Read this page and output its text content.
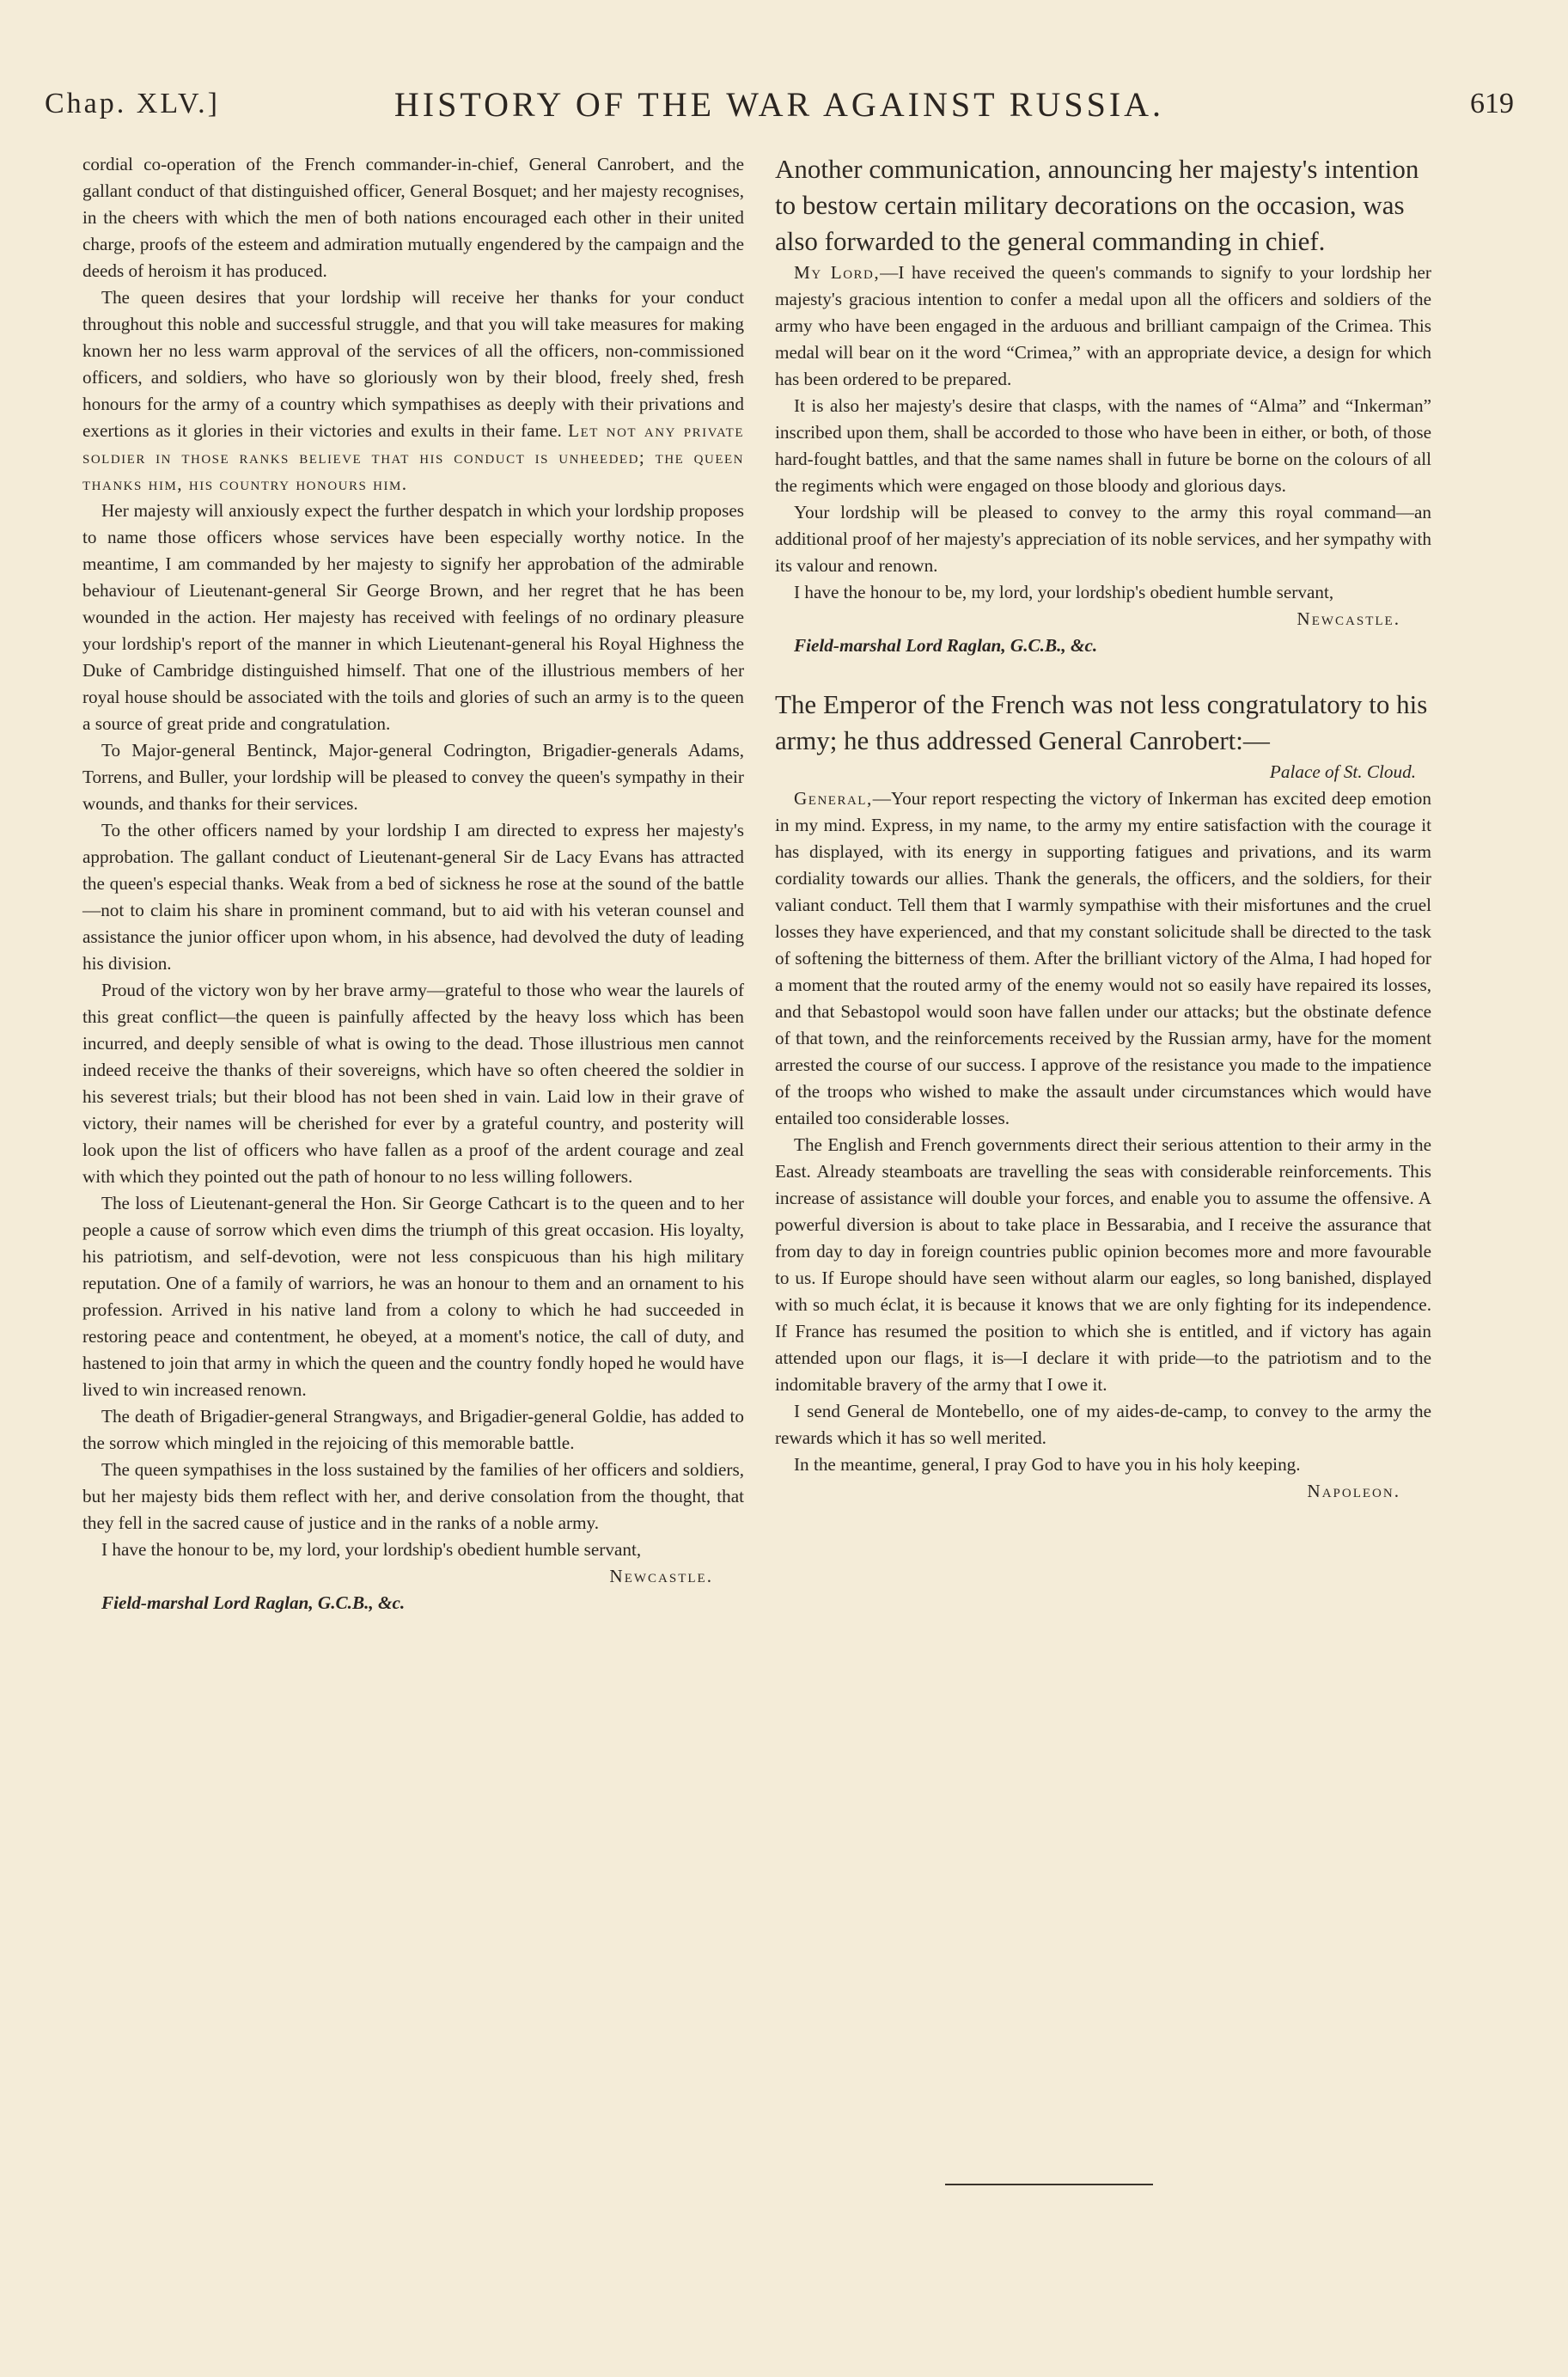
Chap. XLV.]	HISTORY OF THE WAR AGAINST RUSSIA.	619

cordial co-operation of the French commander-in-chief, General Canrobert, and the gallant conduct of that distinguished officer, General Bosquet; and her majesty recognises, in the cheers with which the men of both nations encouraged each other in their united charge, proofs of the esteem and admiration mutually engendered by the campaign and the deeds of heroism it has produced.

The queen desires that your lordship will receive her thanks for your conduct throughout this noble and successful struggle, and that you will take measures for making known her no less warm approval of the services of all the officers, non-commissioned officers, and soldiers, who have so gloriously won by their blood, freely shed, fresh honours for the army of a country which sympathises as deeply with their privations and exertions as it glories in their victories and exults in their fame. Let not any private soldier in those ranks believe that his conduct is unheeded; the queen thanks him, his country honours him.

Her majesty will anxiously expect the further despatch in which your lordship proposes to name those officers whose services have been especially worthy notice. In the meantime, I am commanded by her majesty to signify her approbation of the admirable behaviour of Lieutenant-general Sir George Brown, and her regret that he has been wounded in the action. Her majesty has received with feelings of no ordinary pleasure your lordship's report of the manner in which Lieutenant-general his Royal Highness the Duke of Cambridge distinguished himself. That one of the illustrious members of her royal house should be associated with the toils and glories of such an army is to the queen a source of great pride and congratulation.

To Major-general Bentinck, Major-general Codrington, Brigadier-generals Adams, Torrens, and Buller, your lordship will be pleased to convey the queen's sympathy in their wounds, and thanks for their services.

To the other officers named by your lordship I am directed to express her majesty's approbation. The gallant conduct of Lieutenant-general Sir de Lacy Evans has attracted the queen's especial thanks. Weak from a bed of sickness he rose at the sound of the battle—not to claim his share in prominent command, but to aid with his veteran counsel and assistance the junior officer upon whom, in his absence, had devolved the duty of leading his division.

Proud of the victory won by her brave army—grateful to those who wear the laurels of this great conflict—the queen is painfully affected by the heavy loss which has been incurred, and deeply sensible of what is owing to the dead. Those illustrious men cannot indeed receive the thanks of their sovereigns, which have so often cheered the soldier in his severest trials; but their blood has not been shed in vain. Laid low in their grave of victory, their names will be cherished for ever by a grateful country, and posterity will look upon the list of officers who have fallen as a proof of the ardent courage and zeal with which they pointed out the path of honour to no less willing followers.

The loss of Lieutenant-general the Hon. Sir George Cathcart is to the queen and to her people a cause of sorrow which even dims the triumph of this great occasion. His loyalty, his patriotism, and self-devotion, were not less conspicuous than his high military reputation. One of a family of warriors, he was an honour to them and an ornament to his profession. Arrived in his native land from a colony to which he had succeeded in restoring peace and contentment, he obeyed, at a moment's notice, the call of duty, and hastened to join that army in which the queen and the country fondly hoped he would have lived to win increased renown.

The death of Brigadier-general Strangways, and Brigadier-general Goldie, has added to the sorrow which mingled in the rejoicing of this memorable battle.

The queen sympathises in the loss sustained by the families of her officers and soldiers, but her majesty bids them reflect with her, and derive consolation from the thought, that they fell in the sacred cause of justice and in the ranks of a noble army.

I have the honour to be, my lord, your lordship's obedient humble servant,

Newcastle.

Field-marshal Lord Raglan, G.C.B., &c.

Another communication, announcing her majesty's intention to bestow certain military decorations on the occasion, was also forwarded to the general commanding in chief.

My Lord,—I have received the queen's commands to signify to your lordship her majesty's gracious intention to confer a medal upon all the officers and soldiers of the army who have been engaged in the arduous and brilliant campaign of the Crimea. This medal will bear on it the word “Crimea,” with an appropriate device, a design for which has been ordered to be prepared.

It is also her majesty's desire that clasps, with the names of “Alma” and “Inkerman” inscribed upon them, shall be accorded to those who have been in either, or both, of those hard-fought battles, and that the same names shall in future be borne on the colours of all the regiments which were engaged on those bloody and glorious days.

Your lordship will be pleased to convey to the army this royal command—an additional proof of her majesty's appreciation of its noble services, and her sympathy with its valour and renown.

I have the honour to be, my lord, your lordship's obedient humble servant,

Newcastle.

Field-marshal Lord Raglan, G.C.B., &c.

The Emperor of the French was not less congratulatory to his army; he thus addressed General Canrobert:—

Palace of St. Cloud.

General,—Your report respecting the victory of Inkerman has excited deep emotion in my mind. Express, in my name, to the army my entire satisfaction with the courage it has displayed, with its energy in supporting fatigues and privations, and its warm cordiality towards our allies. Thank the generals, the officers, and the soldiers, for their valiant conduct. Tell them that I warmly sympathise with their misfortunes and the cruel losses they have experienced, and that my constant solicitude shall be directed to the task of softening the bitterness of them. After the brilliant victory of the Alma, I had hoped for a moment that the routed army of the enemy would not so easily have repaired its losses, and that Sebastopol would soon have fallen under our attacks; but the obstinate defence of that town, and the reinforcements received by the Russian army, have for the moment arrested the course of our success. I approve of the resistance you made to the impatience of the troops who wished to make the assault under circumstances which would have entailed too considerable losses.

The English and French governments direct their serious attention to their army in the East. Already steamboats are travelling the seas with considerable reinforcements. This increase of assistance will double your forces, and enable you to assume the offensive. A powerful diversion is about to take place in Bessarabia, and I receive the assurance that from day to day in foreign countries public opinion becomes more and more favourable to us. If Europe should have seen without alarm our eagles, so long banished, displayed with so much éclat, it is because it knows that we are only fighting for its independence. If France has resumed the position to which she is entitled, and if victory has again attended upon our flags, it is—I declare it with pride—to the patriotism and to the indomitable bravery of the army that I owe it.

I send General de Montebello, one of my aides-de-camp, to convey to the army the rewards which it has so well merited.

In the meantime, general, I pray God to have you in his holy keeping.

Napoleon.
